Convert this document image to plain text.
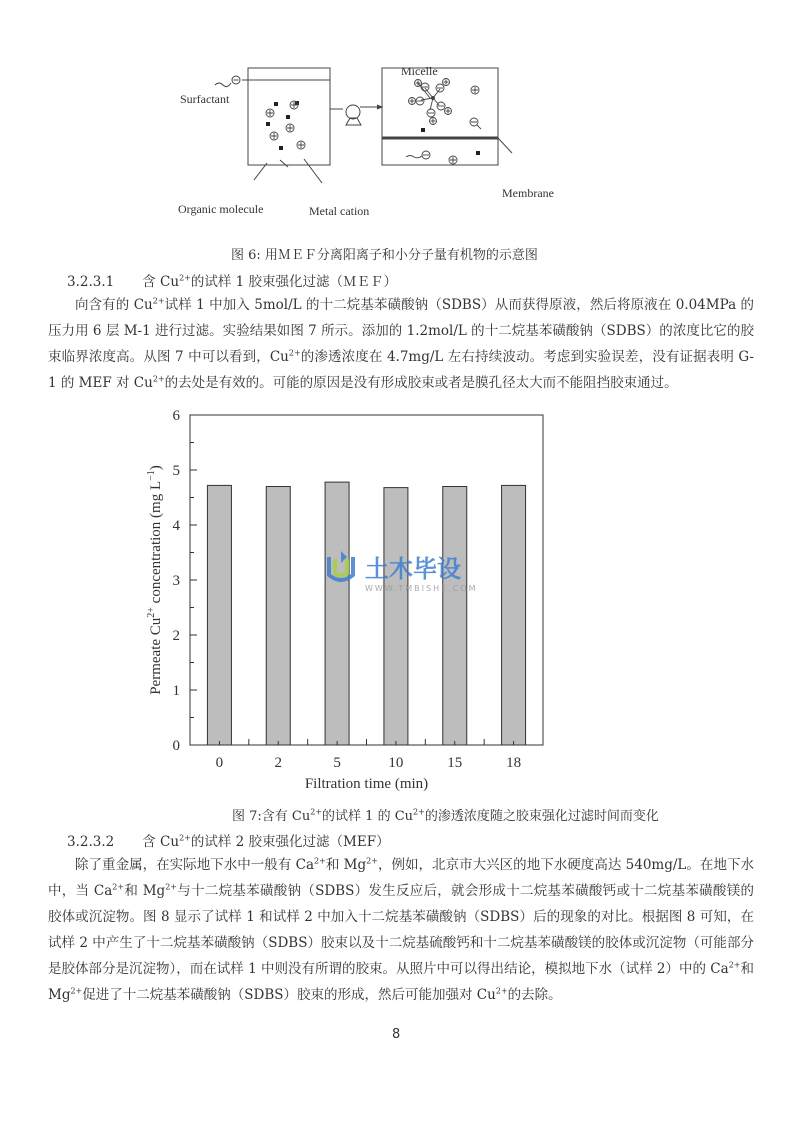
Surfactant
Micelle
Membrane
Organic molecule	Metal cation
图 6: 用ＭＥＦ分离阳离子和小分子量有机物的示意图
3.2.3.1 含 $Cu^{2+}$的试样 1 胶束强化过滤（ＭＥＦ）
向含有的 $Cu^{2+}$试样 1 中加入 5mol/L 的十二烷基苯磺酸钠（SDBS）从而获得原液，然后将原液在 0.04MPa 的压力用 6 层 M-1 进行过滤。实验结果如图 7 所示。添加的 1.2mol/L 的十二烷基苯磺酸钠（SDBS）的浓度比它的胶束临界浓度高。从图 7 中可以看到，$Cu^{2+}$的渗透浓度在 4.7mg/L 左右持续波动。考虑到实验误差，没有证据表明 G-1 的 MEF 对 $Cu^{2+}$的去处是有效的。可能的原因是没有形成胶束或者是膜孔径太大而不能阻挡胶束通过。
0
1
2
3
4
5
6
0	2	5	10	15	18
Filtration time (min)
Permeate $Cu^{2+}$ concentration (mg $L^{-1}$)
土木毕设
WWW.TMBISHE.COM
图 7:含有 $Cu^{2+}$的试样 1 的 $Cu^{2+}$的渗透浓度随之胶束强化过滤时间而变化
3.2.3.2 含 $Cu^{2+}$的试样 2 胶束强化过滤（MEF）
除了重金属，在实际地下水中一般有 $Ca^{2+}$和 $Mg^{2+}$，例如，北京市大兴区的地下水硬度高达 540mg/L。在地下水中，当 $Ca^{2+}$和 $Mg^{2+}$与十二烷基苯磺酸钠（SDBS）发生反应后，就会形成十二烷基苯磺酸钙或十二烷基苯磺酸镁的胶体或沉淀物。图 8 显示了试样 1 和试样 2 中加入十二烷基苯磺酸钠（SDBS）后的现象的对比。根据图 8 可知，在试样 2 中产生了十二烷基苯磺酸钠（SDBS）胶束以及十二烷基硫酸钙和十二烷基苯磺酸镁的胶体或沉淀物（可能部分是胶体部分是沉淀物），而在试样 1 中则没有所谓的胶束。从照片中可以得出结论，模拟地下水（试样 2）中的 $Ca^{2+}$和 $Mg^{2+}$促进了十二烷基苯磺酸钠（SDBS）胶束的形成，然后可能加强对 $Cu^{2+}$的去除。
8
